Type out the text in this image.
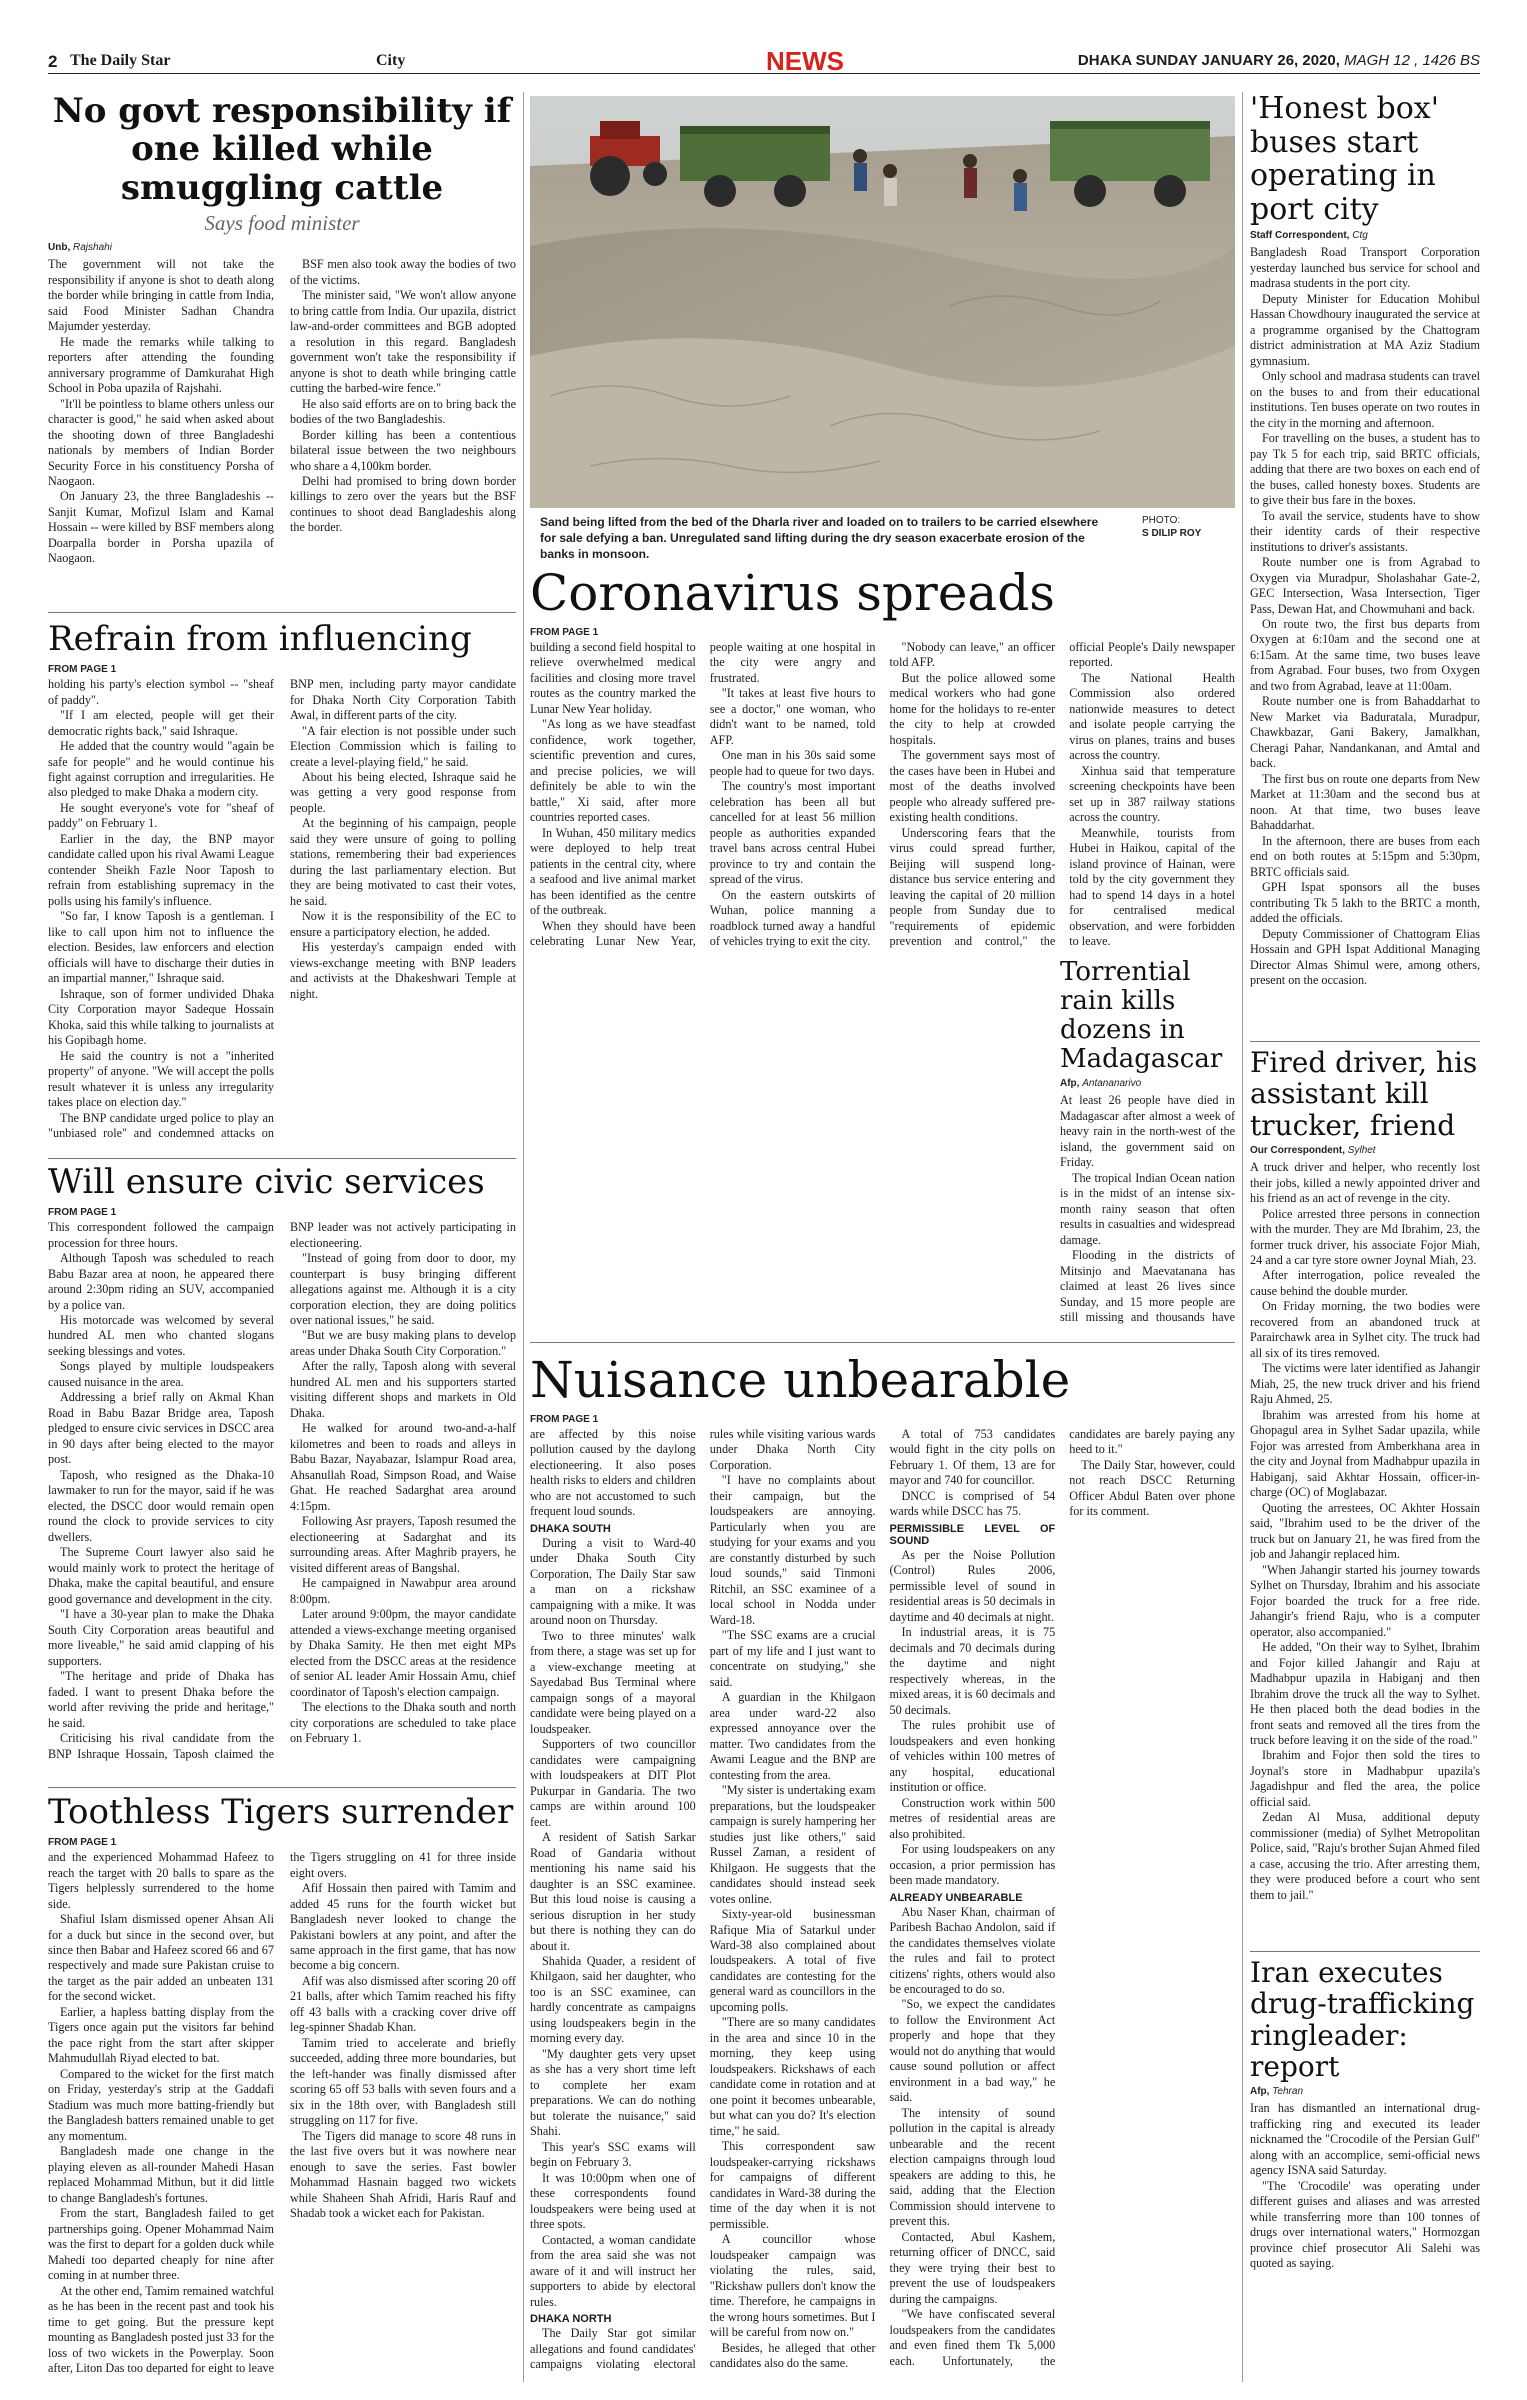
2 The Daily Star	City	NEWS	DHAKA SUNDAY JANUARY 26, 2020, MAGH 12 , 1426 BS
Sand being lifted from the bed of the Dharla river and loaded on to trailers to be carried elsewhere for sale defying a ban. Unregulated sand lifting during the dry season exacerbate erosion of the banks in monsoon.
PHOTO:
S DILIP ROY
No govt responsibility if one killed while smuggling cattle
Says food minister
Unb, Rajshahi

The government will not take the responsibility if anyone is shot to death along the border while bringing in cattle from India, said Food Minister Sadhan Chandra Majumder yesterday.

He made the remarks while talking to reporters after attending the founding anniversary programme of Damkurahat High School in Poba upazila of Rajshahi.

"It'll be pointless to blame others unless our character is good," he said when asked about the shooting down of three Bangladeshi nationals by members of Indian Border Security Force in his constituency Porsha of Naogaon.

On January 23, the three Bangladeshis -- Sanjit Kumar, Mofizul Islam and Kamal Hossain -- were killed by BSF members along Doarpalla border in Porsha upazila of Naogaon.

BSF men also took away the bodies of two of the victims.

The minister said, "We won't allow anyone to bring cattle from India. Our upazila, district law-and-order committees and BGB adopted a resolution in this regard. Bangladesh government won't take the responsibility if anyone is shot to death while bringing cattle cutting the barbed-wire fence."

He also said efforts are on to bring back the bodies of the two Bangladeshis.

Border killing has been a contentious bilateral issue between the two neighbours who share a 4,100km border.

Delhi had promised to bring down border killings to zero over the years but the BSF continues to shoot dead Bangladeshis along the border.

Refrain from influencing
FROM PAGE 1

holding his party's election symbol -- "sheaf of paddy".

"If I am elected, people will get their democratic rights back," said Ishraque.

He added that the country would "again be safe for people" and he would continue his fight against corruption and irregularities. He also pledged to make Dhaka a modern city.

He sought everyone's vote for "sheaf of paddy" on February 1.

Earlier in the day, the BNP mayor candidate called upon his rival Awami League contender Sheikh Fazle Noor Taposh to refrain from establishing supremacy in the polls using his family's influence.

"So far, I know Taposh is a gentleman. I like to call upon him not to influence the election. Besides, law enforcers and election officials will have to discharge their duties in an impartial manner," Ishraque said.

Ishraque, son of former undivided Dhaka City Corporation mayor Sadeque Hossain Khoka, said this while talking to journalists at his Gopibagh home.

He said the country is not a "inherited property" of anyone. "We will accept the polls result whatever it is unless any irregularity takes place on election day."

The BNP candidate urged police to play an "unbiased role" and condemned attacks on BNP men, including party mayor candidate for Dhaka North City Corporation Tabith Awal, in different parts of the city.

"A fair election is not possible under such Election Commission which is failing to create a level-playing field," he said.

About his being elected, Ishraque said he was getting a very good response from people.

At the beginning of his campaign, people said they were unsure of going to polling stations, remembering their bad experiences during the last parliamentary election. But they are being motivated to cast their votes, he said.

Now it is the responsibility of the EC to ensure a participatory election, he added.

His yesterday's campaign ended with views-exchange meeting with BNP leaders and activists at the Dhakeshwari Temple at night.

Will ensure civic services
FROM PAGE 1

This correspondent followed the campaign procession for three hours.

Although Taposh was scheduled to reach Babu Bazar area at noon, he appeared there around 2:30pm riding an SUV, accompanied by a police van.

His motorcade was welcomed by several hundred AL men who chanted slogans seeking blessings and votes.

Songs played by multiple loudspeakers caused nuisance in the area.

Addressing a brief rally on Akmal Khan Road in Babu Bazar Bridge area, Taposh pledged to ensure civic services in DSCC area in 90 days after being elected to the mayor post.

Taposh, who resigned as the Dhaka-10 lawmaker to run for the mayor, said if he was elected, the DSCC door would remain open round the clock to provide services to city dwellers.

The Supreme Court lawyer also said he would mainly work to protect the heritage of Dhaka, make the capital beautiful, and ensure good governance and development in the city.

"I have a 30-year plan to make the Dhaka South City Corporation areas beautiful and more liveable," he said amid clapping of his supporters.

"The heritage and pride of Dhaka has faded. I want to present Dhaka before the world after reviving the pride and heritage," he said.

Criticising his rival candidate from the BNP Ishraque Hossain, Taposh claimed the BNP leader was not actively participating in electioneering.

"Instead of going from door to door, my counterpart is busy bringing different allegations against me. Although it is a city corporation election, they are doing politics over national issues," he said.

"But we are busy making plans to develop areas under Dhaka South City Corporation."

After the rally, Taposh along with several hundred AL men and his supporters started visiting different shops and markets in Old Dhaka.

He walked for around two-and-a-half kilometres and been to roads and alleys in Babu Bazar, Nayabazar, Islampur Road area, Ahsanullah Road, Simpson Road, and Waise Ghat. He reached Sadarghat area around 4:15pm.

Following Asr prayers, Taposh resumed the electioneering at Sadarghat and its surrounding areas. After Maghrib prayers, he visited different areas of Bangshal.

He campaigned in Nawabpur area around 8:00pm.

Later around 9:00pm, the mayor candidate attended a views-exchange meeting organised by Dhaka Samity. He then met eight MPs elected from the DSCC areas at the residence of senior AL leader Amir Hossain Amu, chief coordinator of Taposh's election campaign.

The elections to the Dhaka south and north city corporations are scheduled to take place on February 1.

Toothless Tigers surrender
FROM PAGE 1

and the experienced Mohammad Hafeez to reach the target with 20 balls to spare as the Tigers helplessly surrendered to the home side.

Shafiul Islam dismissed opener Ahsan Ali for a duck but since in the second over, but since then Babar and Hafeez scored 66 and 67 respectively and made sure Pakistan cruise to the target as the pair added an unbeaten 131 for the second wicket.

Earlier, a hapless batting display from the Tigers once again put the visitors far behind the pace right from the start after skipper Mahmudullah Riyad elected to bat.

Compared to the wicket for the first match on Friday, yesterday's strip at the Gaddafi Stadium was much more batting-friendly but the Bangladesh batters remained unable to get any momentum.

Bangladesh made one change in the playing eleven as all-rounder Mahedi Hasan replaced Mohammad Mithun, but it did little to change Bangladesh's fortunes.

From the start, Bangladesh failed to get partnerships going. Opener Mohammad Naim was the first to depart for a golden duck while Mahedi too departed cheaply for nine after coming in at number three.

At the other end, Tamim remained watchful as he has been in the recent past and took his time to get going. But the pressure kept mounting as Bangladesh posted just 33 for the loss of two wickets in the Powerplay. Soon after, Liton Das too departed for eight to leave the Tigers struggling on 41 for three inside eight overs.

Afif Hossain then paired with Tamim and added 45 runs for the fourth wicket but Bangladesh never looked to change the Pakistani bowlers at any point, and after the same approach in the first game, that has now become a big concern.

Afif was also dismissed after scoring 20 off 21 balls, after which Tamim reached his fifty off 43 balls with a cracking cover drive off leg-spinner Shadab Khan.

Tamim tried to accelerate and briefly succeeded, adding three more boundaries, but the left-hander was finally dismissed after scoring 65 off 53 balls with seven fours and a six in the 18th over, with Bangladesh still struggling on 117 for five.

The Tigers did manage to score 48 runs in the last five overs but it was nowhere near enough to save the series. Fast bowler Mohammad Hasnain bagged two wickets while Shaheen Shah Afridi, Haris Rauf and Shadab took a wicket each for Pakistan.

Coronavirus spreads
FROM PAGE 1

building a second field hospital to relieve overwhelmed medical facilities and closing more travel routes as the country marked the Lunar New Year holiday.

"As long as we have steadfast confidence, work together, scientific prevention and cures, and precise policies, we will definitely be able to win the battle," Xi said, after more countries reported cases.

In Wuhan, 450 military medics were deployed to help treat patients in the central city, where a seafood and live animal market has been identified as the centre of the outbreak.

When they should have been celebrating Lunar New Year, people waiting at one hospital in the city were angry and frustrated.

"It takes at least five hours to see a doctor," one woman, who didn't want to be named, told AFP.

One man in his 30s said some people had to queue for two days.

The country's most important celebration has been all but cancelled for at least 56 million people as authorities expanded travel bans across central Hubei province to try and contain the spread of the virus.

On the eastern outskirts of Wuhan, police manning a roadblock turned away a handful of vehicles trying to exit the city.

"Nobody can leave," an officer told AFP.

But the police allowed some medical workers who had gone home for the holidays to re-enter the city to help at crowded hospitals.

The government says most of the cases have been in Hubei and most of the deaths involved people who already suffered pre-existing health conditions.

Underscoring fears that the virus could spread further, Beijing will suspend long-distance bus service entering and leaving the capital of 20 million people from Sunday due to "requirements of epidemic prevention and control," the official People's Daily newspaper reported.

The National Health Commission also ordered nationwide measures to detect and isolate people carrying the virus on planes, trains and buses across the country.

Xinhua said that temperature screening checkpoints have been set up in 387 railway stations across the country.

Meanwhile, tourists from Hubei in Haikou, capital of the island province of Hainan, were told by the city government they had to spend 14 days in a hotel for centralised medical observation, and were forbidden to leave.

Torrential rain kills dozens in Madagascar
Afp, Antananarivo

At least 26 people have died in Madagascar after almost a week of heavy rain in the north-west of the island, the government said on Friday.

The tropical Indian Ocean nation is in the midst of an intense six-month rainy season that often results in casualties and widespread damage.

Flooding in the districts of Mitsinjo and Maevatanana has claimed at least 26 lives since Sunday, and 15 more people are still missing and thousands have

Nuisance unbearable
FROM PAGE 1

are affected by this noise pollution caused by the daylong electioneering. It also poses health risks to elders and children who are not accustomed to such frequent loud sounds.

DHAKA SOUTH

During a visit to Ward-40 under Dhaka South City Corporation, The Daily Star saw a man on a rickshaw campaigning with a mike. It was around noon on Thursday.

Two to three minutes' walk from there, a stage was set up for a view-exchange meeting at Sayedabad Bus Terminal where campaign songs of a mayoral candidate were being played on a loudspeaker.

Supporters of two councillor candidates were campaigning with loudspeakers at DIT Plot Pukurpar in Gandaria. The two camps are within around 100 feet.

A resident of Satish Sarkar Road of Gandaria without mentioning his name said his daughter is an SSC examinee. But this loud noise is causing a serious disruption in her study but there is nothing they can do about it.

Shahida Quader, a resident of Khilgaon, said her daughter, who too is an SSC examinee, can hardly concentrate as campaigns using loudspeakers begin in the morning every day.

"My daughter gets very upset as she has a very short time left to complete her exam preparations. We can do nothing but tolerate the nuisance," said Shahi.

This year's SSC exams will begin on February 3.

It was 10:00pm when one of these correspondents found loudspeakers were being used at three spots.

Contacted, a woman candidate from the area said she was not aware of it and will instruct her supporters to abide by electoral rules.

DHAKA NORTH

The Daily Star got similar allegations and found candidates' campaigns violating electoral rules while visiting various wards under Dhaka North City Corporation.

"I have no complaints about their campaign, but the loudspeakers are annoying. Particularly when you are studying for your exams and you are constantly disturbed by such loud sounds," said Tinmoni Ritchil, an SSC examinee of a local school in Nodda under Ward-18.

"The SSC exams are a crucial part of my life and I just want to concentrate on studying," she said.

A guardian in the Khilgaon area under ward-22 also expressed annoyance over the matter. Two candidates from the Awami League and the BNP are contesting from the area.

"My sister is undertaking exam preparations, but the loudspeaker campaign is surely hampering her studies just like others," said Russel Zaman, a resident of Khilgaon. He suggests that the candidates should instead seek votes online.

Sixty-year-old businessman Rafique Mia of Satarkul under Ward-38 also complained about loudspeakers. A total of five candidates are contesting for the general ward as councillors in the upcoming polls.

"There are so many candidates in the area and since 10 in the morning, they keep using loudspeakers. Rickshaws of each candidate come in rotation and at one point it becomes unbearable, but what can you do? It's election time," he said.

This correspondent saw loudspeaker-carrying rickshaws for campaigns of different candidates in Ward-38 during the time of the day when it is not permissible.

A councillor whose loudspeaker campaign was violating the rules, said, "Rickshaw pullers don't know the time. Therefore, he campaigns in the wrong hours sometimes. But I will be careful from now on."

Besides, he alleged that other candidates also do the same.

A total of 753 candidates would fight in the city polls on February 1. Of them, 13 are for mayor and 740 for councillor.

DNCC is comprised of 54 wards while DSCC has 75.

PERMISSIBLE LEVEL OF SOUND

As per the Noise Pollution (Control) Rules 2006, permissible level of sound in residential areas is 50 decimals in daytime and 40 decimals at night.

In industrial areas, it is 75 decimals and 70 decimals during the daytime and night respectively whereas, in the mixed areas, it is 60 decimals and 50 decimals.

The rules prohibit use of loudspeakers and even honking of vehicles within 100 metres of any hospital, educational institution or office.

Construction work within 500 metres of residential areas are also prohibited.

For using loudspeakers on any occasion, a prior permission has been made mandatory.

ALREADY UNBEARABLE

Abu Naser Khan, chairman of Paribesh Bachao Andolon, said if the candidates themselves violate the rules and fail to protect citizens' rights, others would also be encouraged to do so.

"So, we expect the candidates to follow the Environment Act properly and hope that they would not do anything that would cause sound pollution or affect environment in a bad way," he said.

The intensity of sound pollution in the capital is already unbearable and the recent election campaigns through loud speakers are adding to this, he said, adding that the Election Commission should intervene to prevent this.

Contacted, Abul Kashem, returning officer of DNCC, said they were trying their best to prevent the use of loudspeakers during the campaigns.

"We have confiscated several loudspeakers from the candidates and even fined them Tk 5,000 each. Unfortunately, the candidates are barely paying any heed to it."

The Daily Star, however, could not reach DSCC Returning Officer Abdul Baten over phone for its comment.

'Honest box' buses start operating in port city
Staff Correspondent, Ctg

Bangladesh Road Transport Corporation yesterday launched bus service for school and madrasa students in the port city.

Deputy Minister for Education Mohibul Hassan Chowdhoury inaugurated the service at a programme organised by the Chattogram district administration at MA Aziz Stadium gymnasium.

Only school and madrasa students can travel on the buses to and from their educational institutions. Ten buses operate on two routes in the city in the morning and afternoon.

For travelling on the buses, a student has to pay Tk 5 for each trip, said BRTC officials, adding that there are two boxes on each end of the buses, called honesty boxes. Students are to give their bus fare in the boxes.

To avail the service, students have to show their identity cards of their respective institutions to driver's assistants.

Route number one is from Agrabad to Oxygen via Muradpur, Sholashahar Gate-2, GEC Intersection, Wasa Intersection, Tiger Pass, Dewan Hat, and Chowmuhani and back.

On route two, the first bus departs from Oxygen at 6:10am and the second one at 6:15am. At the same time, two buses leave from Agrabad. Four buses, two from Oxygen and two from Agrabad, leave at 11:00am.

Route number one is from Bahaddarhat to New Market via Baduratala, Muradpur, Chawkbazar, Gani Bakery, Jamalkhan, Cheragi Pahar, Nandankanan, and Amtal and back.

The first bus on route one departs from New Market at 11:30am and the second bus at noon. At that time, two buses leave Bahaddarhat.

In the afternoon, there are buses from each end on both routes at 5:15pm and 5:30pm, BRTC officials said.

GPH Ispat sponsors all the buses contributing Tk 5 lakh to the BRTC a month, added the officials.

Deputy Commissioner of Chattogram Elias Hossain and GPH Ispat Additional Managing Director Almas Shimul were, among others, present on the occasion.

Fired driver, his assistant kill trucker, friend
Our Correspondent, Sylhet

A truck driver and helper, who recently lost their jobs, killed a newly appointed driver and his friend as an act of revenge in the city.

Police arrested three persons in connection with the murder. They are Md Ibrahim, 23, the former truck driver, his associate Fojor Miah, 24 and a car tyre store owner Joynal Miah, 23.

After interrogation, police revealed the cause behind the double murder.

On Friday morning, the two bodies were recovered from an abandoned truck at Parairchawk area in Sylhet city. The truck had all six of its tires removed.

The victims were later identified as Jahangir Miah, 25, the new truck driver and his friend Raju Ahmed, 25.

Ibrahim was arrested from his home at Ghopagul area in Sylhet Sadar upazila, while Fojor was arrested from Amberkhana area in the city and Joynal from Madhabpur upazila in Habiganj, said Akhtar Hossain, officer-in-charge (OC) of Moglabazar.

Quoting the arrestees, OC Akhter Hossain said, "Ibrahim used to be the driver of the truck but on January 21, he was fired from the job and Jahangir replaced him.

"When Jahangir started his journey towards Sylhet on Thursday, Ibrahim and his associate Fojor boarded the truck for a free ride. Jahangir's friend Raju, who is a computer operator, also accompanied."

He added, "On their way to Sylhet, Ibrahim and Fojor killed Jahangir and Raju at Madhabpur upazila in Habiganj and then Ibrahim drove the truck all the way to Sylhet. He then placed both the dead bodies in the front seats and removed all the tires from the truck before leaving it on the side of the road."

Ibrahim and Fojor then sold the tires to Joynal's store in Madhabpur upazila's Jagadishpur and fled the area, the police official said.

Zedan Al Musa, additional deputy commissioner (media) of Sylhet Metropolitan Police, said, "Raju's brother Sujan Ahmed filed a case, accusing the trio. After arresting them, they were produced before a court who sent them to jail."

Iran executes drug-trafficking ringleader: report
Afp, Tehran

Iran has dismantled an international drug-trafficking ring and executed its leader nicknamed the "Crocodile of the Persian Gulf" along with an accomplice, semi-official news agency ISNA said Saturday.

"The 'Crocodile' was operating under different guises and aliases and was arrested while transferring more than 100 tonnes of drugs over international waters," Hormozgan province chief prosecutor Ali Salehi was quoted as saying.
